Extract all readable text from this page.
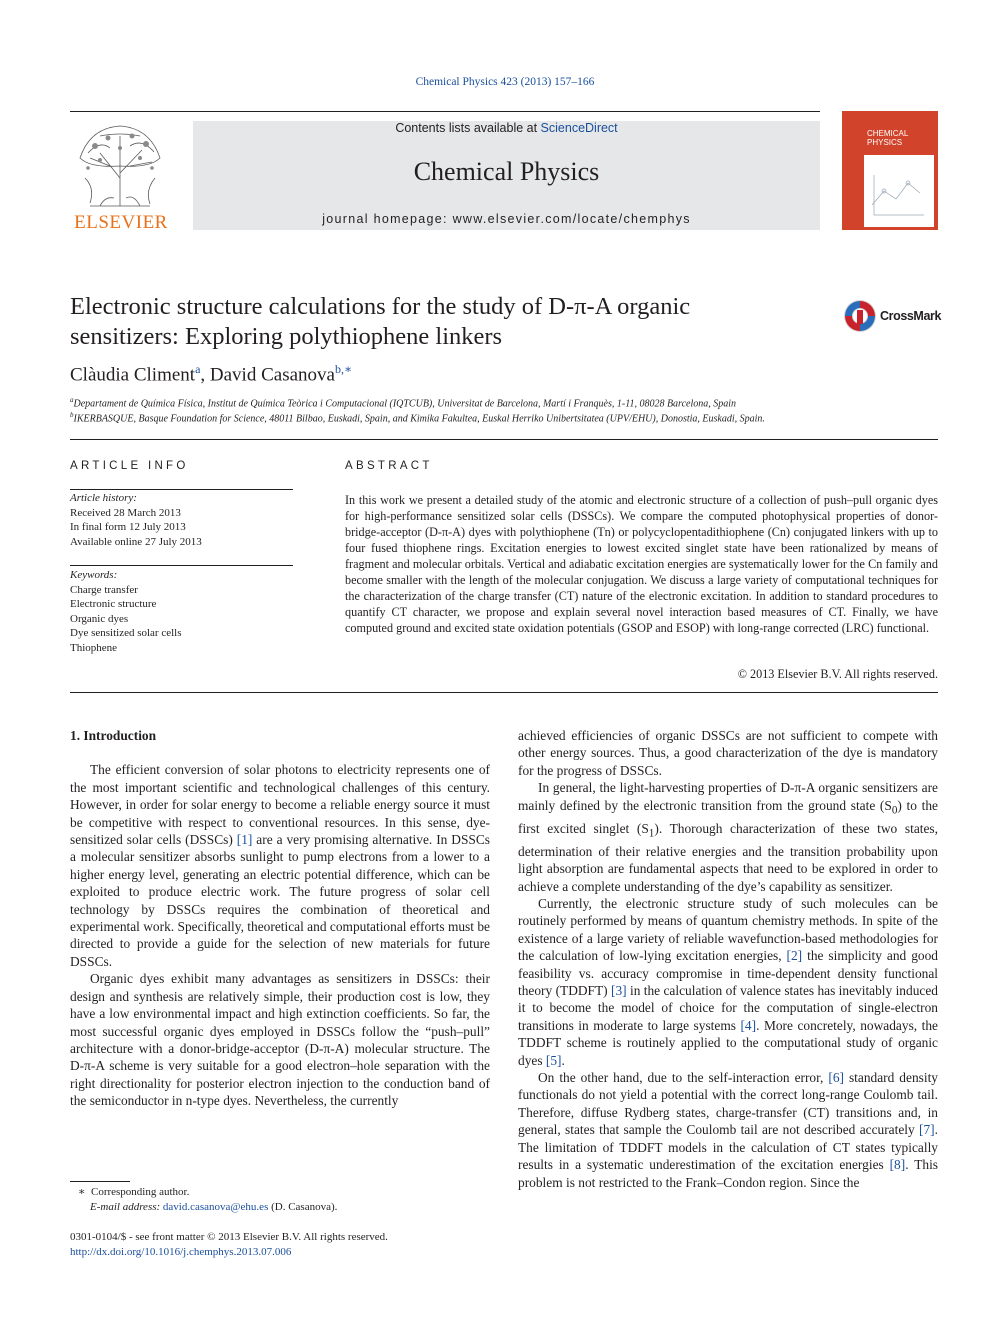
Chemical Physics 423 (2013) 157–166
ELSEVIER
Contents lists available at ScienceDirect
Chemical Physics
journal homepage: www.elsevier.com/locate/chemphys
CHEMICAL
PHYSICS
Electronic structure calculations for the study of D-π-A organic
sensitizers: Exploring polythiophene linkers
CrossMark
Clàudia Climent$^a$, David Casanova$^{b,∗}$
$^a$Departament de Química Física, Institut de Química Teòrica i Computacional (IQTCUB), Universitat de Barcelona, Martí i Franquès, 1-11, 08028 Barcelona, Spain
$^b$IKERBASQUE, Basque Foundation for Science, 48011 Bilbao, Euskadi, Spain, and Kimika Fakultea, Euskal Herriko Unibertsitatea (UPV/EHU), Donostia, Euskadi, Spain.
ARTICLE INFO	ABSTRACT
Article history:
Received 28 March 2013
In final form 12 July 2013
Available online 27 July 2013
Keywords:
Charge transfer
Electronic structure
Organic dyes
Dye sensitized solar cells
Thiophene
In this work we present a detailed study of the atomic and electronic structure of a collection of push–pull organic dyes for high-performance sensitized solar cells (DSSCs). We compare the computed photophysical properties of donor-bridge-acceptor (D-π-A) dyes with polythiophene (Tn) or polycyclopentadithiophene (Cn) conjugated linkers with up to four fused thiophene rings. Excitation energies to lowest excited singlet state have been rationalized by means of fragment and molecular orbitals. Vertical and adiabatic excitation energies are systematically lower for the Cn family and become smaller with the length of the molecular conjugation. We discuss a large variety of computational techniques for the characterization of the charge transfer (CT) nature of the electronic excitation. In addition to standard procedures to quantify CT character, we propose and explain several novel interaction based measures of CT. Finally, we have computed ground and excited state oxidation potentials (GSOP and ESOP) with long-range corrected (LRC) functional.
© 2013 Elsevier B.V. All rights reserved.
1. Introduction

The efficient conversion of solar photons to electricity represents one of the most important scientific and technological challenges of this century. However, in order for solar energy to become a reliable energy source it must be competitive with respect to conventional resources. In this sense, dye-sensitized solar cells (DSSCs) [1] are a very promising alternative. In DSSCs a molecular sensitizer absorbs sunlight to pump electrons from a lower to a higher energy level, generating an electric potential difference, which can be exploited to produce electric work. The future progress of solar cell technology by DSSCs requires the combination of theoretical and experimental work. Specifically, theoretical and computational efforts must be directed to provide a guide for the selection of new materials for future DSSCs.

Organic dyes exhibit many advantages as sensitizers in DSSCs: their design and synthesis are relatively simple, their production cost is low, they have a low environmental impact and high extinction coefficients. So far, the most successful organic dyes employed in DSSCs follow the “push–pull” architecture with a donor-bridge-acceptor (D-π-A) molecular structure. The D-π-A scheme is very suitable for a good electron–hole separation with the right directionality for posterior electron injection to the conduction band of the semiconductor in n-type dyes. Nevertheless, the currently

achieved efficiencies of organic DSSCs are not sufficient to compete with other energy sources. Thus, a good characterization of the dye is mandatory for the progress of DSSCs.

In general, the light-harvesting properties of D-π-A organic sensitizers are mainly defined by the electronic transition from the ground state $(S_0)$ to the first excited singlet $(S_1)$. Thorough characterization of these two states, determination of their relative energies and the transition probability upon light absorption are fundamental aspects that need to be explored in order to achieve a complete understanding of the dye’s capability as sensitizer.

Currently, the electronic structure study of such molecules can be routinely performed by means of quantum chemistry methods. In spite of the existence of a large variety of reliable wavefunction-based methodologies for the calculation of low-lying excitation energies, [2] the simplicity and good feasibility vs. accuracy compromise in time-dependent density functional theory (TDDFT) [3] in the calculation of valence states has inevitably induced it to become the model of choice for the computation of single-electron transitions in moderate to large systems [4]. More concretely, nowadays, the TDDFT scheme is routinely applied to the computational study of organic dyes [5].

On the other hand, due to the self-interaction error, [6] standard density functionals do not yield a potential with the correct long-range Coulomb tail. Therefore, diffuse Rydberg states, charge-transfer (CT) transitions and, in general, states that sample the Coulomb tail are not described accurately [7]. The limitation of TDDFT models in the calculation of CT states typically results in a systematic underestimation of the excitation energies [8]. This problem is not restricted to the Frank–Condon region. Since the

∗ Corresponding author.
E-mail address: david.casanova@ehu.es (D. Casanova).
0301-0104/$ - see front matter © 2013 Elsevier B.V. All rights reserved.
http://dx.doi.org/10.1016/j.chemphys.2013.07.006
